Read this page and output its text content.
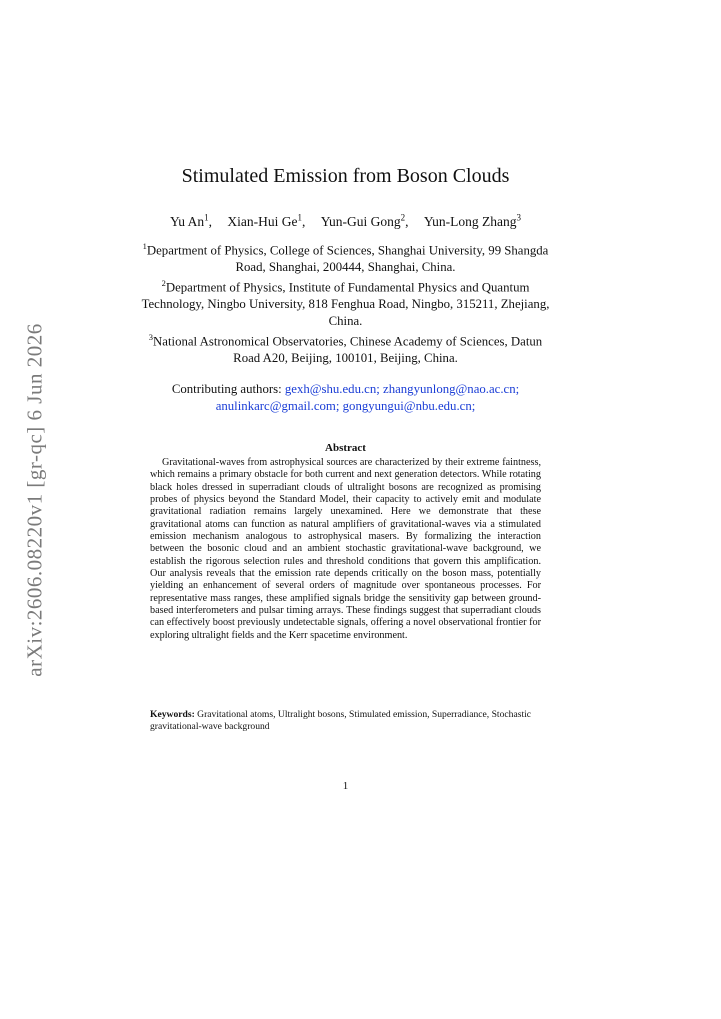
arXiv:2606.08220v1 [gr-qc] 6 Jun 2026
Stimulated Emission from Boson Clouds
Yu An$^1$, Xian-Hui Ge$^1$, Yun-Gui Gong$^2$, Yun-Long Zhang$^3$
$^1$Department of Physics, College of Sciences, Shanghai University, 99 Shangda Road, Shanghai, 200444, Shanghai, China.
$^2$Department of Physics, Institute of Fundamental Physics and Quantum Technology, Ningbo University, 818 Fenghua Road, Ningbo, 315211, Zhejiang, China.
$^3$National Astronomical Observatories, Chinese Academy of Sciences, Datun Road A20, Beijing, 100101, Beijing, China.
Contributing authors: gexh@shu.edu.cn; zhangyunlong@nao.ac.cn; anulinkarc@gmail.com; gongyungui@nbu.edu.cn;
Abstract
Gravitational-waves from astrophysical sources are characterized by their extreme faintness, which remains a primary obstacle for both current and next generation detectors. While rotating black holes dressed in superradiant clouds of ultralight bosons are recognized as promising probes of physics beyond the Standard Model, their capacity to actively emit and modulate gravitational radiation remains largely unexamined. Here we demonstrate that these gravitational atoms can function as natural amplifiers of gravitational-waves via a stimulated emission mechanism analogous to astrophysical masers. By formalizing the interaction between the bosonic cloud and an ambient stochastic gravitational-wave background, we establish the rigorous selection rules and threshold conditions that govern this amplification. Our analysis reveals that the emission rate depends critically on the boson mass, potentially yielding an enhancement of several orders of magnitude over spontaneous processes. For representative mass ranges, these amplified signals bridge the sensitivity gap between ground-based interferometers and pulsar timing arrays. These findings suggest that superradiant clouds can effectively boost previously undetectable signals, offering a novel observational frontier for exploring ultralight fields and the Kerr spacetime environment.
Keywords: Gravitational atoms, Ultralight bosons, Stimulated emission, Superradiance, Stochastic gravitational-wave background
1
